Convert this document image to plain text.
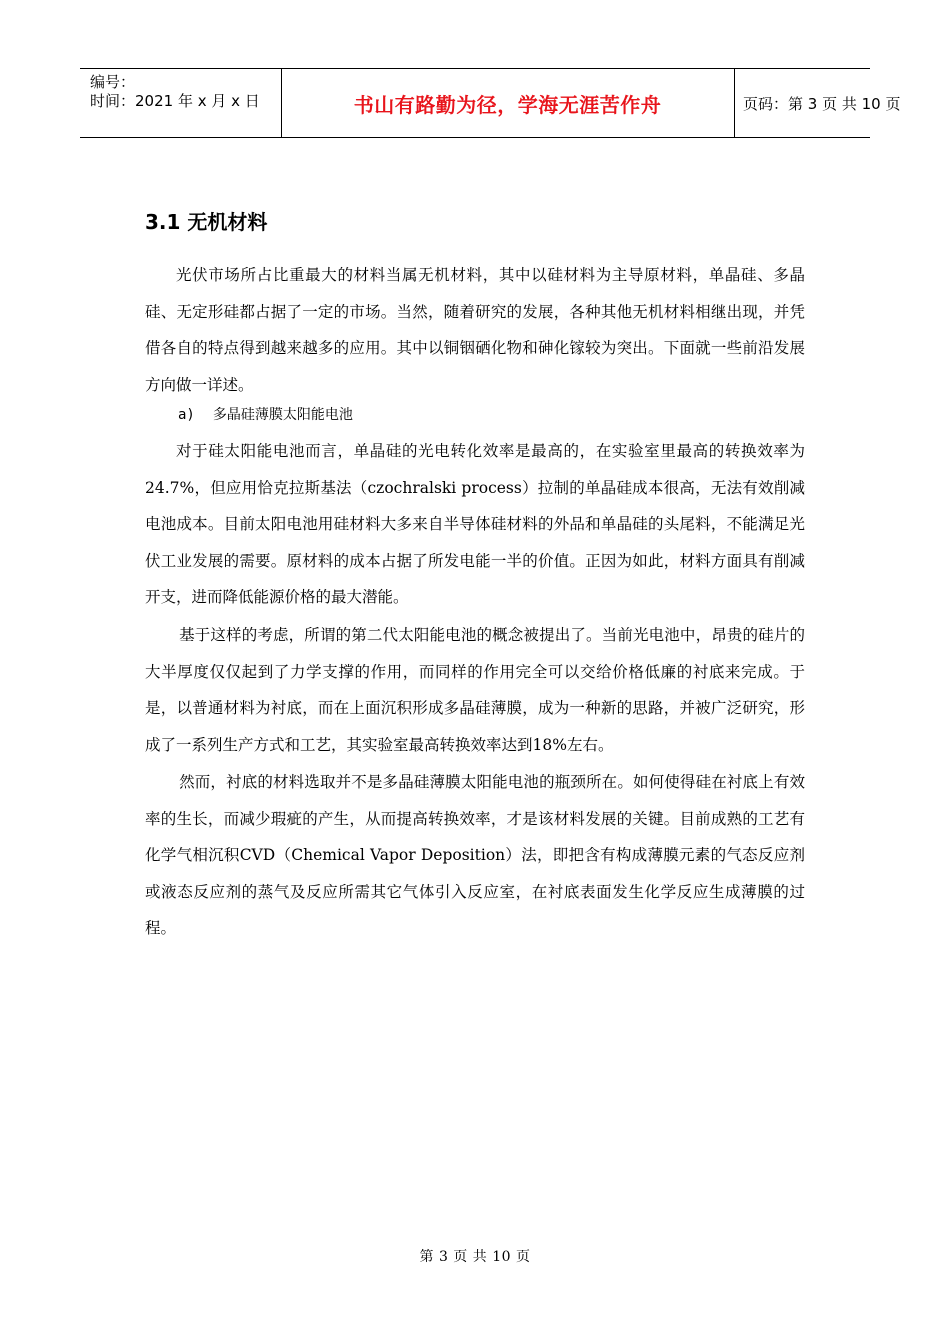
编号：
时间：2021 年 x 月 x 日	书山有路勤为径，学海无涯苦作舟	页码：第 3 页 共 10 页
3.1 无机材料
光伏市场所占比重最大的材料当属无机材料，其中以硅材料为主导原材料，单晶硅、多晶硅、无定形硅都占据了一定的市场。当然，随着研究的发展，各种其他无机材料相继出现，并凭借各自的特点得到越来越多的应用。其中以铜铟硒化物和砷化镓较为突出。下面就一些前沿发展方向做一详述。
a) 多晶硅薄膜太阳能电池
对于硅太阳能电池而言，单晶硅的光电转化效率是最高的，在实验室里最高的转换效率为24.7%，但应用恰克拉斯基法（czochralski process）拉制的单晶硅成本很高，无法有效削减电池成本。目前太阳电池用硅材料大多来自半导体硅材料的外品和单晶硅的头尾料，不能满足光伏工业发展的需要。原材料的成本占据了所发电能一半的价值。正因为如此，材料方面具有削减开支，进而降低能源价格的最大潜能。
基于这样的考虑，所谓的第二代太阳能电池的概念被提出了。当前光电池中，昂贵的硅片的大半厚度仅仅起到了力学支撑的作用，而同样的作用完全可以交给价格低廉的衬底来完成。于是，以普通材料为衬底，而在上面沉积形成多晶硅薄膜，成为一种新的思路，并被广泛研究，形成了一系列生产方式和工艺，其实验室最高转换效率达到18%左右。
然而，衬底的材料选取并不是多晶硅薄膜太阳能电池的瓶颈所在。如何使得硅在衬底上有效率的生长，而减少瑕疵的产生，从而提高转换效率，才是该材料发展的关键。目前成熟的工艺有化学气相沉积CVD（Chemical Vapor Deposition）法，即把含有构成薄膜元素的气态反应剂或液态反应剂的蒸气及反应所需其它气体引入反应室，在衬底表面发生化学反应生成薄膜的过程。
第 3 页 共 10 页
